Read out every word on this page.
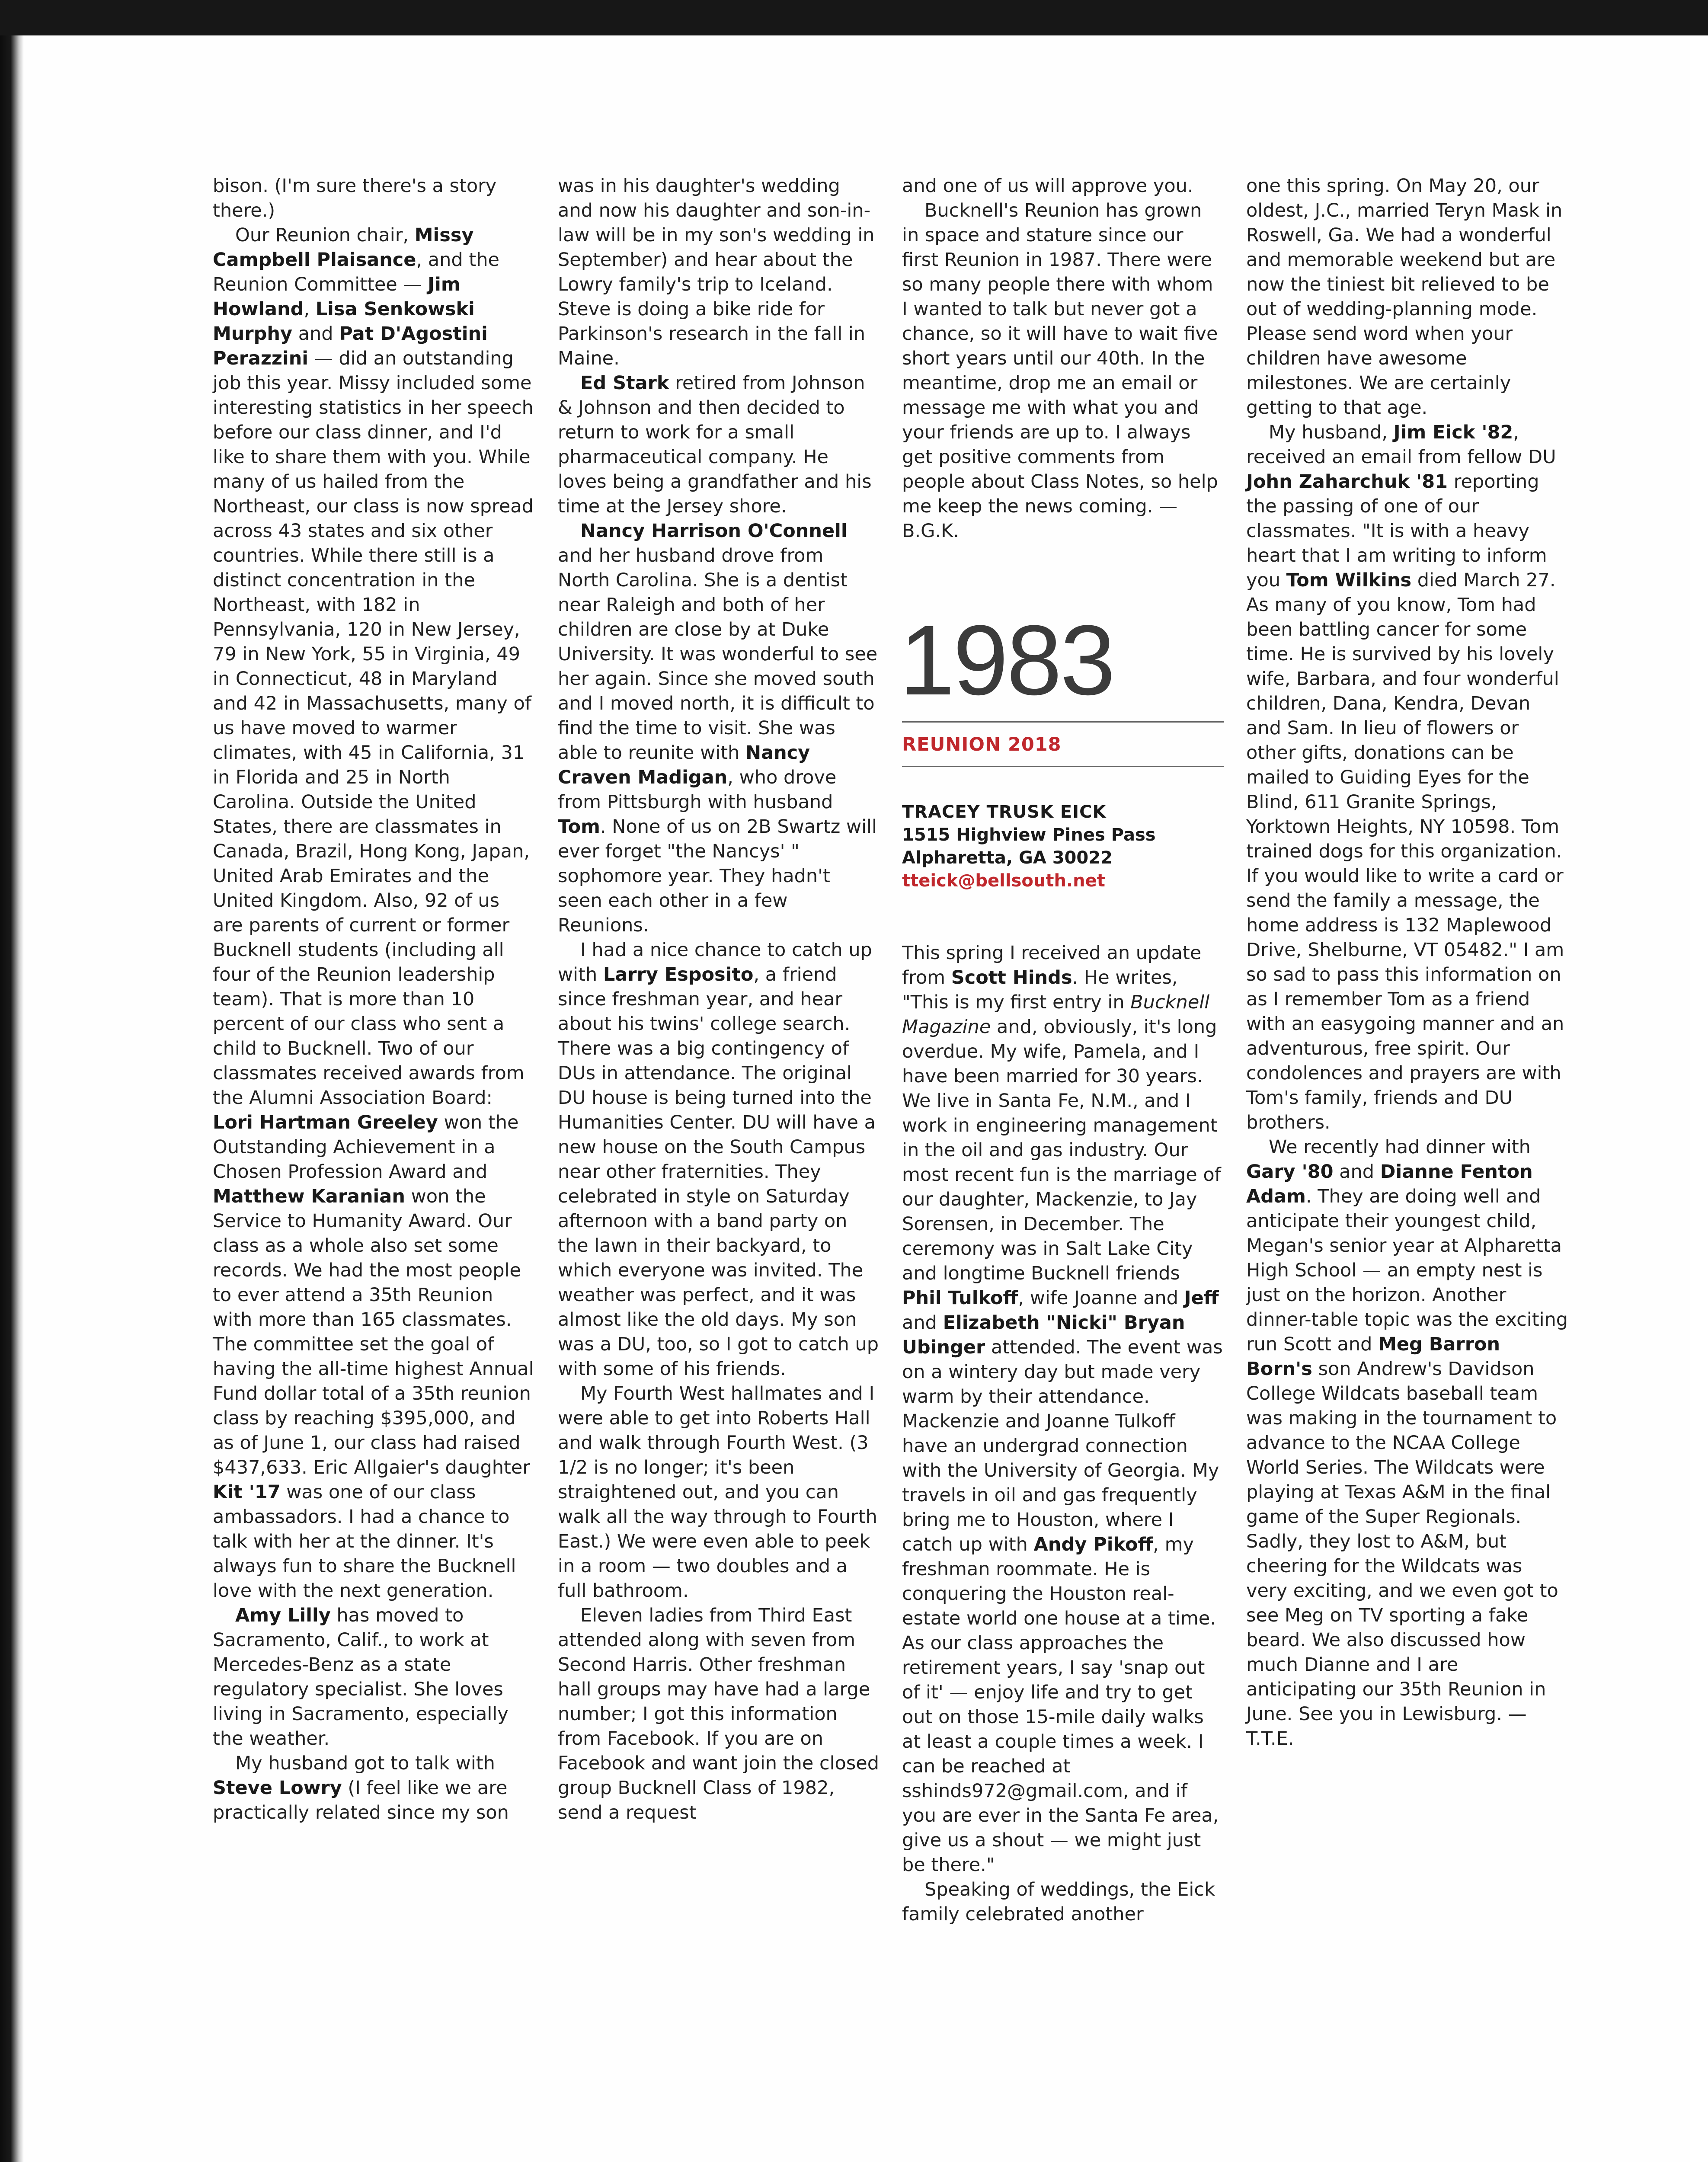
bison. (I'm sure there's a story there.)

Our Reunion chair, Missy Campbell Plaisance, and the Reunion Committee — Jim Howland, Lisa Senkowski Murphy and Pat D'Agostini Perazzini — did an outstanding job this year. Missy included some interesting statistics in her speech before our class dinner, and I'd like to share them with you. While many of us hailed from the Northeast, our class is now spread across 43 states and six other countries. While there still is a distinct concentration in the Northeast, with 182 in Pennsylvania, 120 in New Jersey, 79 in New York, 55 in Virginia, 49 in Connecticut, 48 in Maryland and 42 in Massachusetts, many of us have moved to warmer climates, with 45 in California, 31 in Florida and 25 in North Carolina. Outside the United States, there are classmates in Canada, Brazil, Hong Kong, Japan, United Arab Emirates and the United Kingdom. Also, 92 of us are parents of current or former Bucknell students (including all four of the Reunion leadership team). That is more than 10 percent of our class who sent a child to Bucknell. Two of our classmates received awards from the Alumni Association Board: Lori Hartman Greeley won the Outstanding Achievement in a Chosen Profession Award and Matthew Karanian won the Service to Humanity Award. Our class as a whole also set some records. We had the most people to ever attend a 35th Reunion with more than 165 classmates. The committee set the goal of having the all-time highest Annual Fund dollar total of a 35th reunion class by reaching $395,000, and as of June 1, our class had raised $437,633. Eric Allgaier's daughter Kit '17 was one of our class ambassadors. I had a chance to talk with her at the dinner. It's always fun to share the Bucknell love with the next generation.

Amy Lilly has moved to Sacramento, Calif., to work at Mercedes-Benz as a state regulatory specialist. She loves living in Sacramento, especially the weather.

My husband got to talk with Steve Lowry (I feel like we are practically related since my son

was in his daughter's wedding and now his daughter and son-in-law will be in my son's wedding in September) and hear about the Lowry family's trip to Iceland. Steve is doing a bike ride for Parkinson's research in the fall in Maine.

Ed Stark retired from Johnson & Johnson and then decided to return to work for a small pharmaceutical company. He loves being a grandfather and his time at the Jersey shore.

Nancy Harrison O'Connell and her husband drove from North Carolina. She is a dentist near Raleigh and both of her children are close by at Duke University. It was wonderful to see her again. Since she moved south and I moved north, it is difficult to find the time to visit. She was able to reunite with Nancy Craven Madigan, who drove from Pittsburgh with husband Tom. None of us on 2B Swartz will ever forget "the Nancys' " sophomore year. They hadn't seen each other in a few Reunions.

I had a nice chance to catch up with Larry Esposito, a friend since freshman year, and hear about his twins' college search. There was a big contingency of DUs in attendance. The original DU house is being turned into the Humanities Center. DU will have a new house on the South Campus near other fraternities. They celebrated in style on Saturday afternoon with a band party on the lawn in their backyard, to which everyone was invited. The weather was perfect, and it was almost like the old days. My son was a DU, too, so I got to catch up with some of his friends.

My Fourth West hallmates and I were able to get into Roberts Hall and walk through Fourth West. (3 1/2 is no longer; it's been straightened out, and you can walk all the way through to Fourth East.) We were even able to peek in a room — two doubles and a full bathroom.

Eleven ladies from Third East attended along with seven from Second Harris. Other freshman hall groups may have had a large number; I got this information from Facebook. If you are on Facebook and want join the closed group Bucknell Class of 1982, send a request

and one of us will approve you.

Bucknell's Reunion has grown in space and stature since our first Reunion in 1987. There were so many people there with whom I wanted to talk but never got a chance, so it will have to wait five short years until our 40th. In the meantime, drop me an email or message me with what you and your friends are up to. I always get positive comments from people about Class Notes, so help me keep the news coming. — B.G.K.

1983
REUNION 2018
TRACEY TRUSK EICK
1515 Highview Pines Pass
Alpharetta, GA 30022
tteick@bellsouth.net

This spring I received an update from Scott Hinds. He writes, "This is my first entry in Bucknell Magazine and, obviously, it's long overdue. My wife, Pamela, and I have been married for 30 years. We live in Santa Fe, N.M., and I work in engineering management in the oil and gas industry. Our most recent fun is the marriage of our daughter, Mackenzie, to Jay Sorensen, in December. The ceremony was in Salt Lake City and longtime Bucknell friends Phil Tulkoff, wife Joanne and Jeff and Elizabeth "Nicki" Bryan Ubinger attended. The event was on a wintery day but made very warm by their attendance. Mackenzie and Joanne Tulkoff have an undergrad connection with the University of Georgia. My travels in oil and gas frequently bring me to Houston, where I catch up with Andy Pikoff, my freshman roommate. He is conquering the Houston real-estate world one house at a time. As our class approaches the retirement years, I say 'snap out of it' — enjoy life and try to get out on those 15-mile daily walks at least a couple times a week. I can be reached at sshinds972@gmail.com, and if you are ever in the Santa Fe area, give us a shout — we might just be there."

Speaking of weddings, the Eick family celebrated another

one this spring. On May 20, our oldest, J.C., married Teryn Mask in Roswell, Ga. We had a wonderful and memorable weekend but are now the tiniest bit relieved to be out of wedding-planning mode. Please send word when your children have awesome milestones. We are certainly getting to that age.

My husband, Jim Eick '82, received an email from fellow DU John Zaharchuk '81 reporting the passing of one of our classmates. "It is with a heavy heart that I am writing to inform you Tom Wilkins died March 27. As many of you know, Tom had been battling cancer for some time. He is survived by his lovely wife, Barbara, and four wonderful children, Dana, Kendra, Devan and Sam. In lieu of flowers or other gifts, donations can be mailed to Guiding Eyes for the Blind, 611 Granite Springs, Yorktown Heights, NY 10598. Tom trained dogs for this organization. If you would like to write a card or send the family a message, the home address is 132 Maplewood Drive, Shelburne, VT 05482." I am so sad to pass this information on as I remember Tom as a friend with an easygoing manner and an adventurous, free spirit. Our condolences and prayers are with Tom's family, friends and DU brothers.

We recently had dinner with Gary '80 and Dianne Fenton Adam. They are doing well and anticipate their youngest child, Megan's senior year at Alpharetta High School — an empty nest is just on the horizon. Another dinner-table topic was the exciting run Scott and Meg Barron Born's son Andrew's Davidson College Wildcats baseball team was making in the tournament to advance to the NCAA College World Series. The Wildcats were playing at Texas A&M in the final game of the Super Regionals. Sadly, they lost to A&M, but cheering for the Wildcats was very exciting, and we even got to see Meg on TV sporting a fake beard. We also discussed how much Dianne and I are anticipating our 35th Reunion in June. See you in Lewisburg. — T.T.E.
